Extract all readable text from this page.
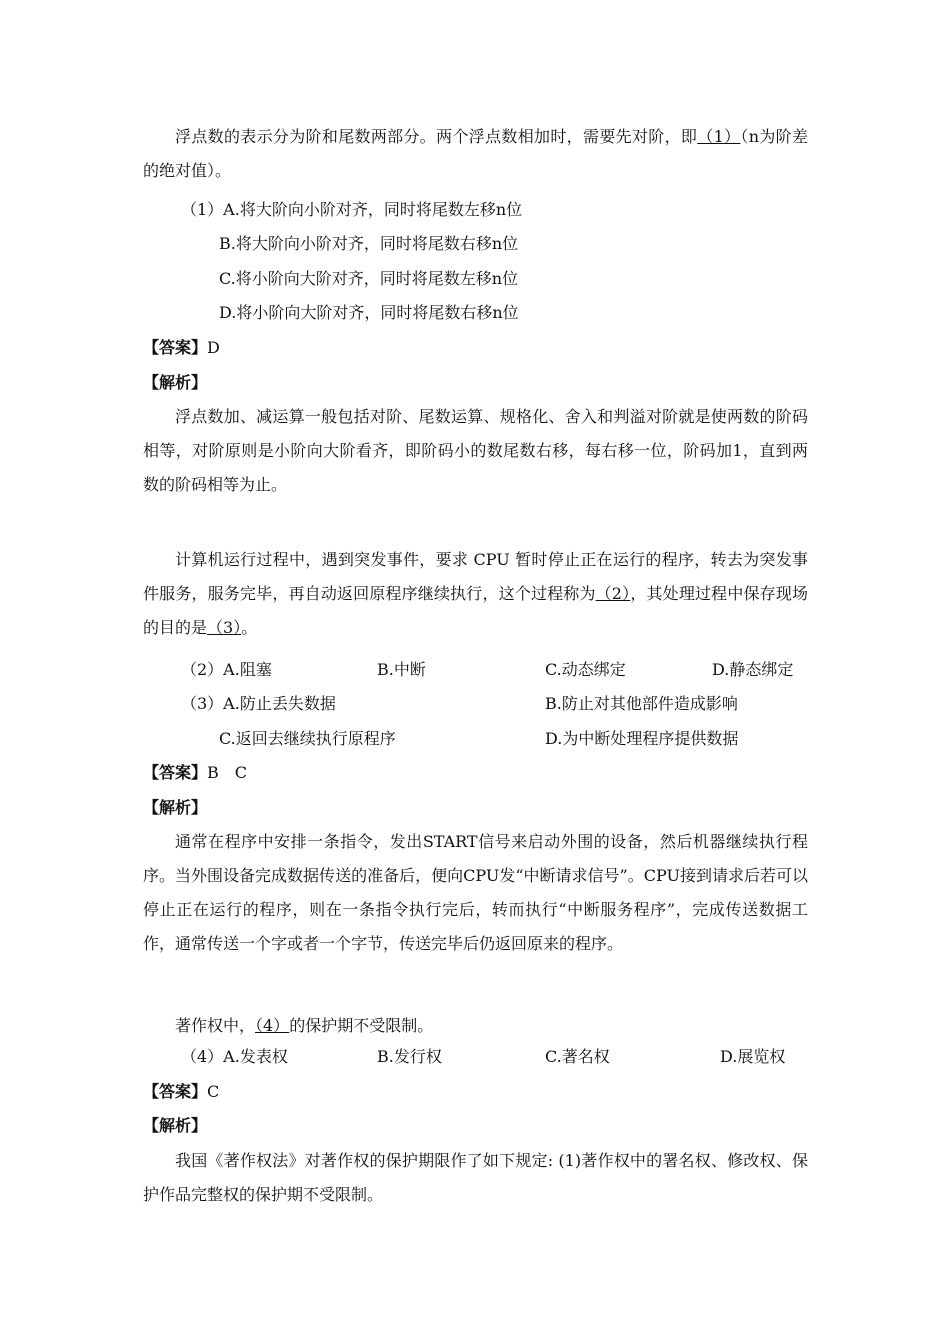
浮点数的表示分为阶和尾数两部分。两个浮点数相加时，需要先对阶，即（1）（n为阶差的绝对值）。
（1）A.将大阶向小阶对齐，同时将尾数左移n位
B.将大阶向小阶对齐，同时将尾数右移n位
C.将小阶向大阶对齐，同时将尾数左移n位
D.将小阶向大阶对齐，同时将尾数右移n位
【答案】D
【解析】
浮点数加、减运算一般包括对阶、尾数运算、规格化、舍入和判溢对阶就是使两数的阶码相等，对阶原则是小阶向大阶看齐，即阶码小的数尾数右移，每右移一位，阶码加1，直到两数的阶码相等为止。
计算机运行过程中，遇到突发事件，要求 CPU 暂时停止正在运行的程序，转去为突发事件服务，服务完毕，再自动返回原程序继续执行，这个过程称为（2），其处理过程中保存现场的目的是（3）。
（2）A.阻塞	B.中断	C.动态绑定	D.静态绑定
（3）A.防止丢失数据	B.防止对其他部件造成影响
C.返回去继续执行原程序	D.为中断处理程序提供数据
【答案】B　C
【解析】
通常在程序中安排一条指令，发出START信号来启动外围的设备，然后机器继续执行程序。当外围设备完成数据传送的准备后，便向CPU发“中断请求信号”。CPU接到请求后若可以停止正在运行的程序，则在一条指令执行完后，转而执行“中断服务程序”，完成传送数据工作，通常传送一个字或者一个字节，传送完毕后仍返回原来的程序。
著作权中，（4）的保护期不受限制。
（4）A.发表权	B.发行权	C.著名权	D.展览权
【答案】C
【解析】
我国《著作权法》对著作权的保护期限作了如下规定: (1)著作权中的署名权、修改权、保护作品完整权的保护期不受限制。
